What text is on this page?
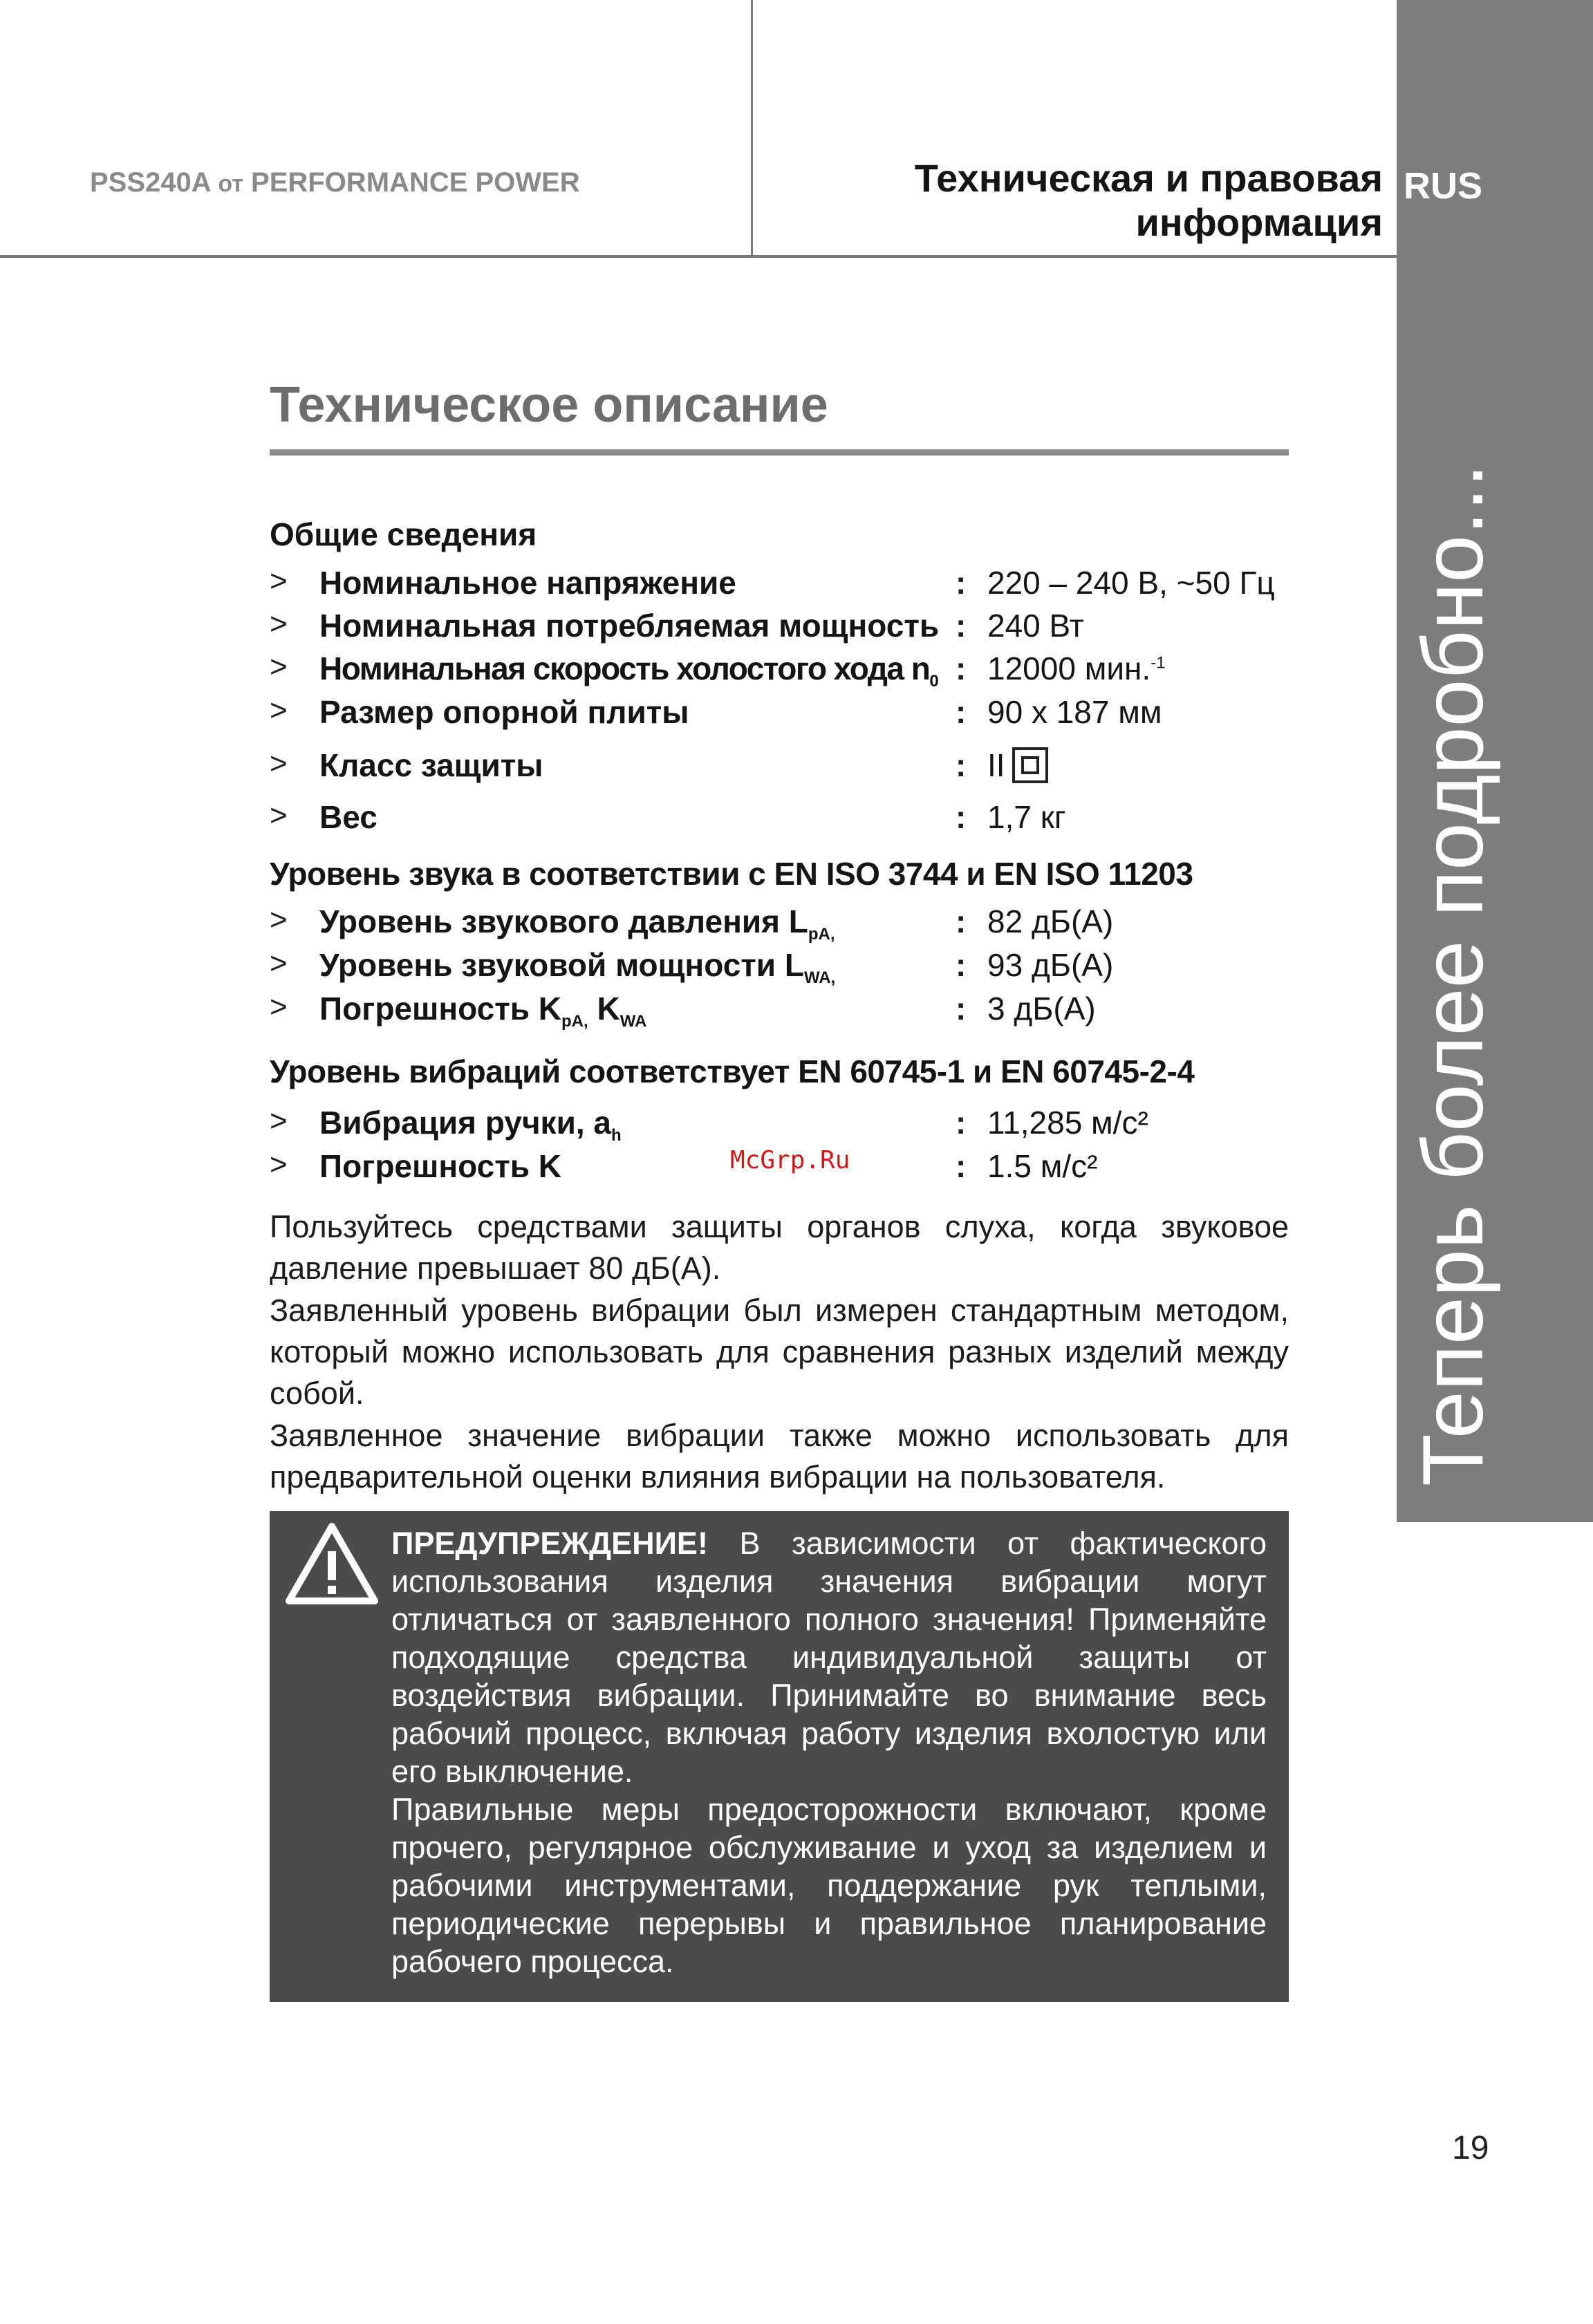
PSS240A от PERFORMANCE POWER	Техническая и правовая
информация
RUS
Теперь более подробно...
Техническое описание
Общие сведения
> Номинальное напряжение	: 220 – 240 В, ~50 Гц
> Номинальная потребляемая мощность : 240 Вт
> Номинальная скорость холостого хода $n_0$ : 12000 мин.$^{-1}$
> Размер опорной плиты	: 90 х 187 мм
> Класс защиты	: II
> Вес	: 1,7 кг
Уровень звука в соответствии с EN ISO 3744 и EN ISO 11203
> Уровень звукового давления $L_{pA,}$	: 82 дБ(A)
> Уровень звуковой мощности $L_{WA,}$	: 93 дБ(A)
> Погрешность $K_{pA,}$ $K_{WA}$	: 3 дБ(A)
Уровень вибраций соответствует EN 60745-1 и EN 60745-2-4
> Вибрация ручки, $a_h$	: 11,285 м/с²
> Погрешность K	: 1.5 м/с²
McGrp.Ru
Пользуйтесь средствами защиты органов слуха, когда звуковое давление превышает 80 дБ(А).
Заявленный уровень вибрации был измерен стандартным методом, который можно использовать для сравнения разных изделий между собой.
Заявленное значение вибрации также можно использовать для предварительной оценки влияния вибрации на пользователя.
ПРЕДУПРЕЖДЕНИЕ! В зависимости от фактического использования изделия значения вибрации могут отличаться от заявленного полного значения! Применяйте подходящие средства индивидуальной защиты от воздействия вибрации. Принимайте во внимание весь рабочий процесс, включая работу изделия вхолостую или его выключение.
Правильные меры предосторожности включают, кроме прочего, регулярное обслуживание и уход за изделием и рабочими инструментами, поддержание рук теплыми, периодические перерывы и правильное планирование рабочего процесса.
19
